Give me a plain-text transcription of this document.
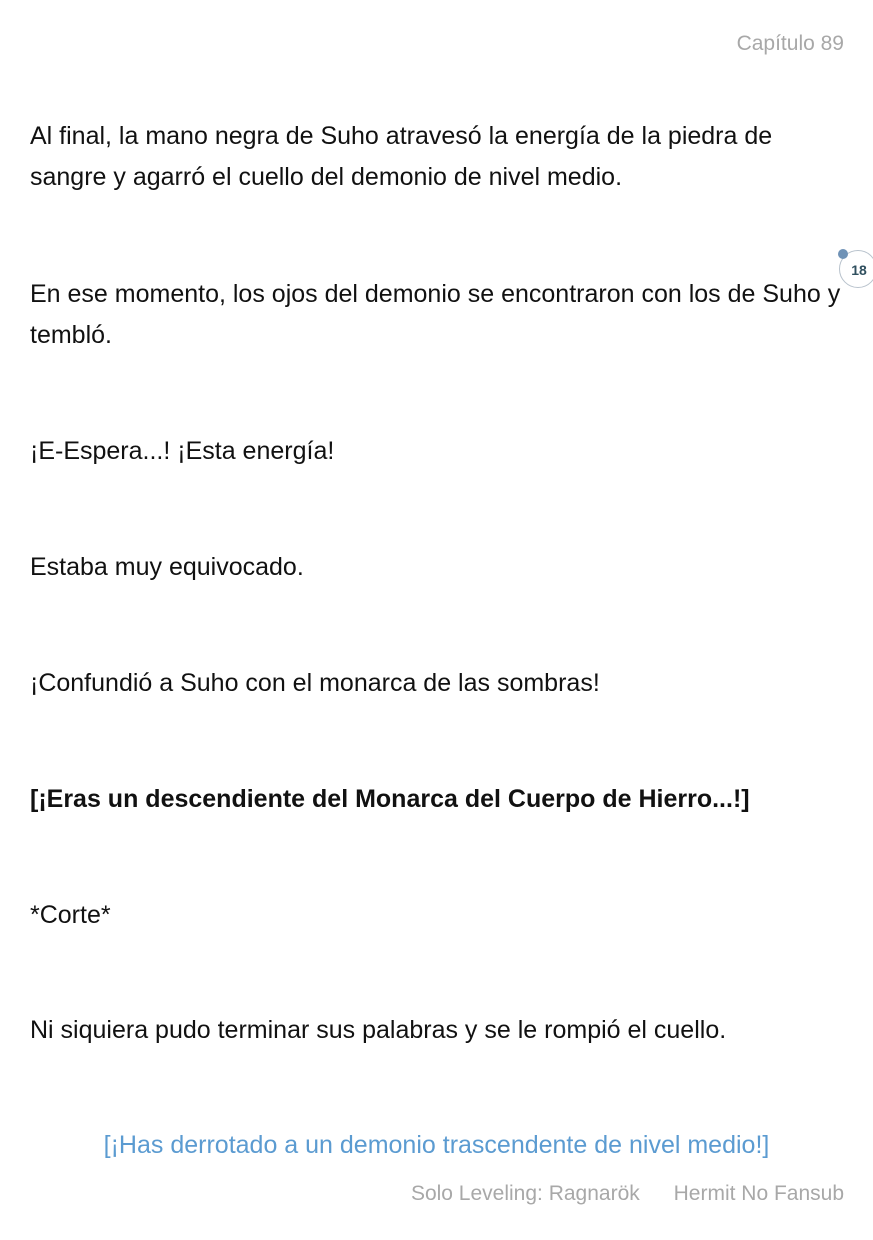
Capítulo 89

Al final, la mano negra de Suho atravesó la energía de la piedra de sangre y agarró el cuello del demonio de nivel medio.

En ese momento, los ojos del demonio se encontraron con los de Suho y tembló.

¡E-Espera...! ¡Esta energía!

Estaba muy equivocado.

¡Confundió a Suho con el monarca de las sombras!

[¡Eras un descendiente del Monarca del Cuerpo de Hierro...!]

*Corte*

Ni siquiera pudo terminar sus palabras y se le rompió el cuello.

[¡Has derrotado a un demonio trascendente de nivel medio!]
18
Solo Leveling: Ragnarök Hermit No Fansub
